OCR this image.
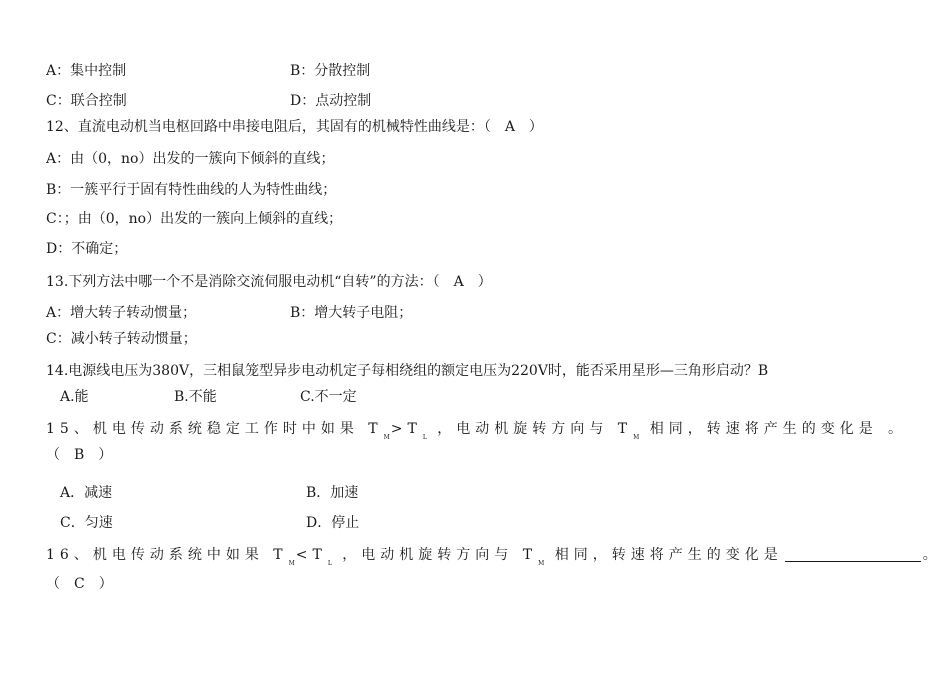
A：集中控制	B：分散控制
C：联合控制	D：点动控制
12、直流电动机当电枢回路中串接电阻后，其固有的机械特性曲线是：（　A　）
A：由（0，no）出发的一簇向下倾斜的直线；
B：一簇平行于固有特性曲线的人为特性曲线；
C：；由（0，no）出发的一簇向上倾斜的直线；
D：不确定；
13.下列方法中哪一个不是消除交流伺服电动机“自转”的方法：（　A　）
A：增大转子转动惯量；	B：增大转子电阻；
C：减小转子转动惯量；
14.电源线电压为380V，三相鼠笼型异步电动机定子每相绕组的额定电压为220V时，能否采用星形—三角形启动？B
A.能	B.不能	C.不一定
15、机电传动系统稳定工作时中如果 $T_M>T_L$ ，电动机旋转方向与 $T_M$ 相同，转速将产生的变化是 。
（　B　）
A．减速	B．加速
C．匀速	D．停止
16、机电传动系统中如果 $T_M<T_L$ ，电动机旋转方向与 $T_M$ 相同，转速将产生的变化是	。
（　C　）
